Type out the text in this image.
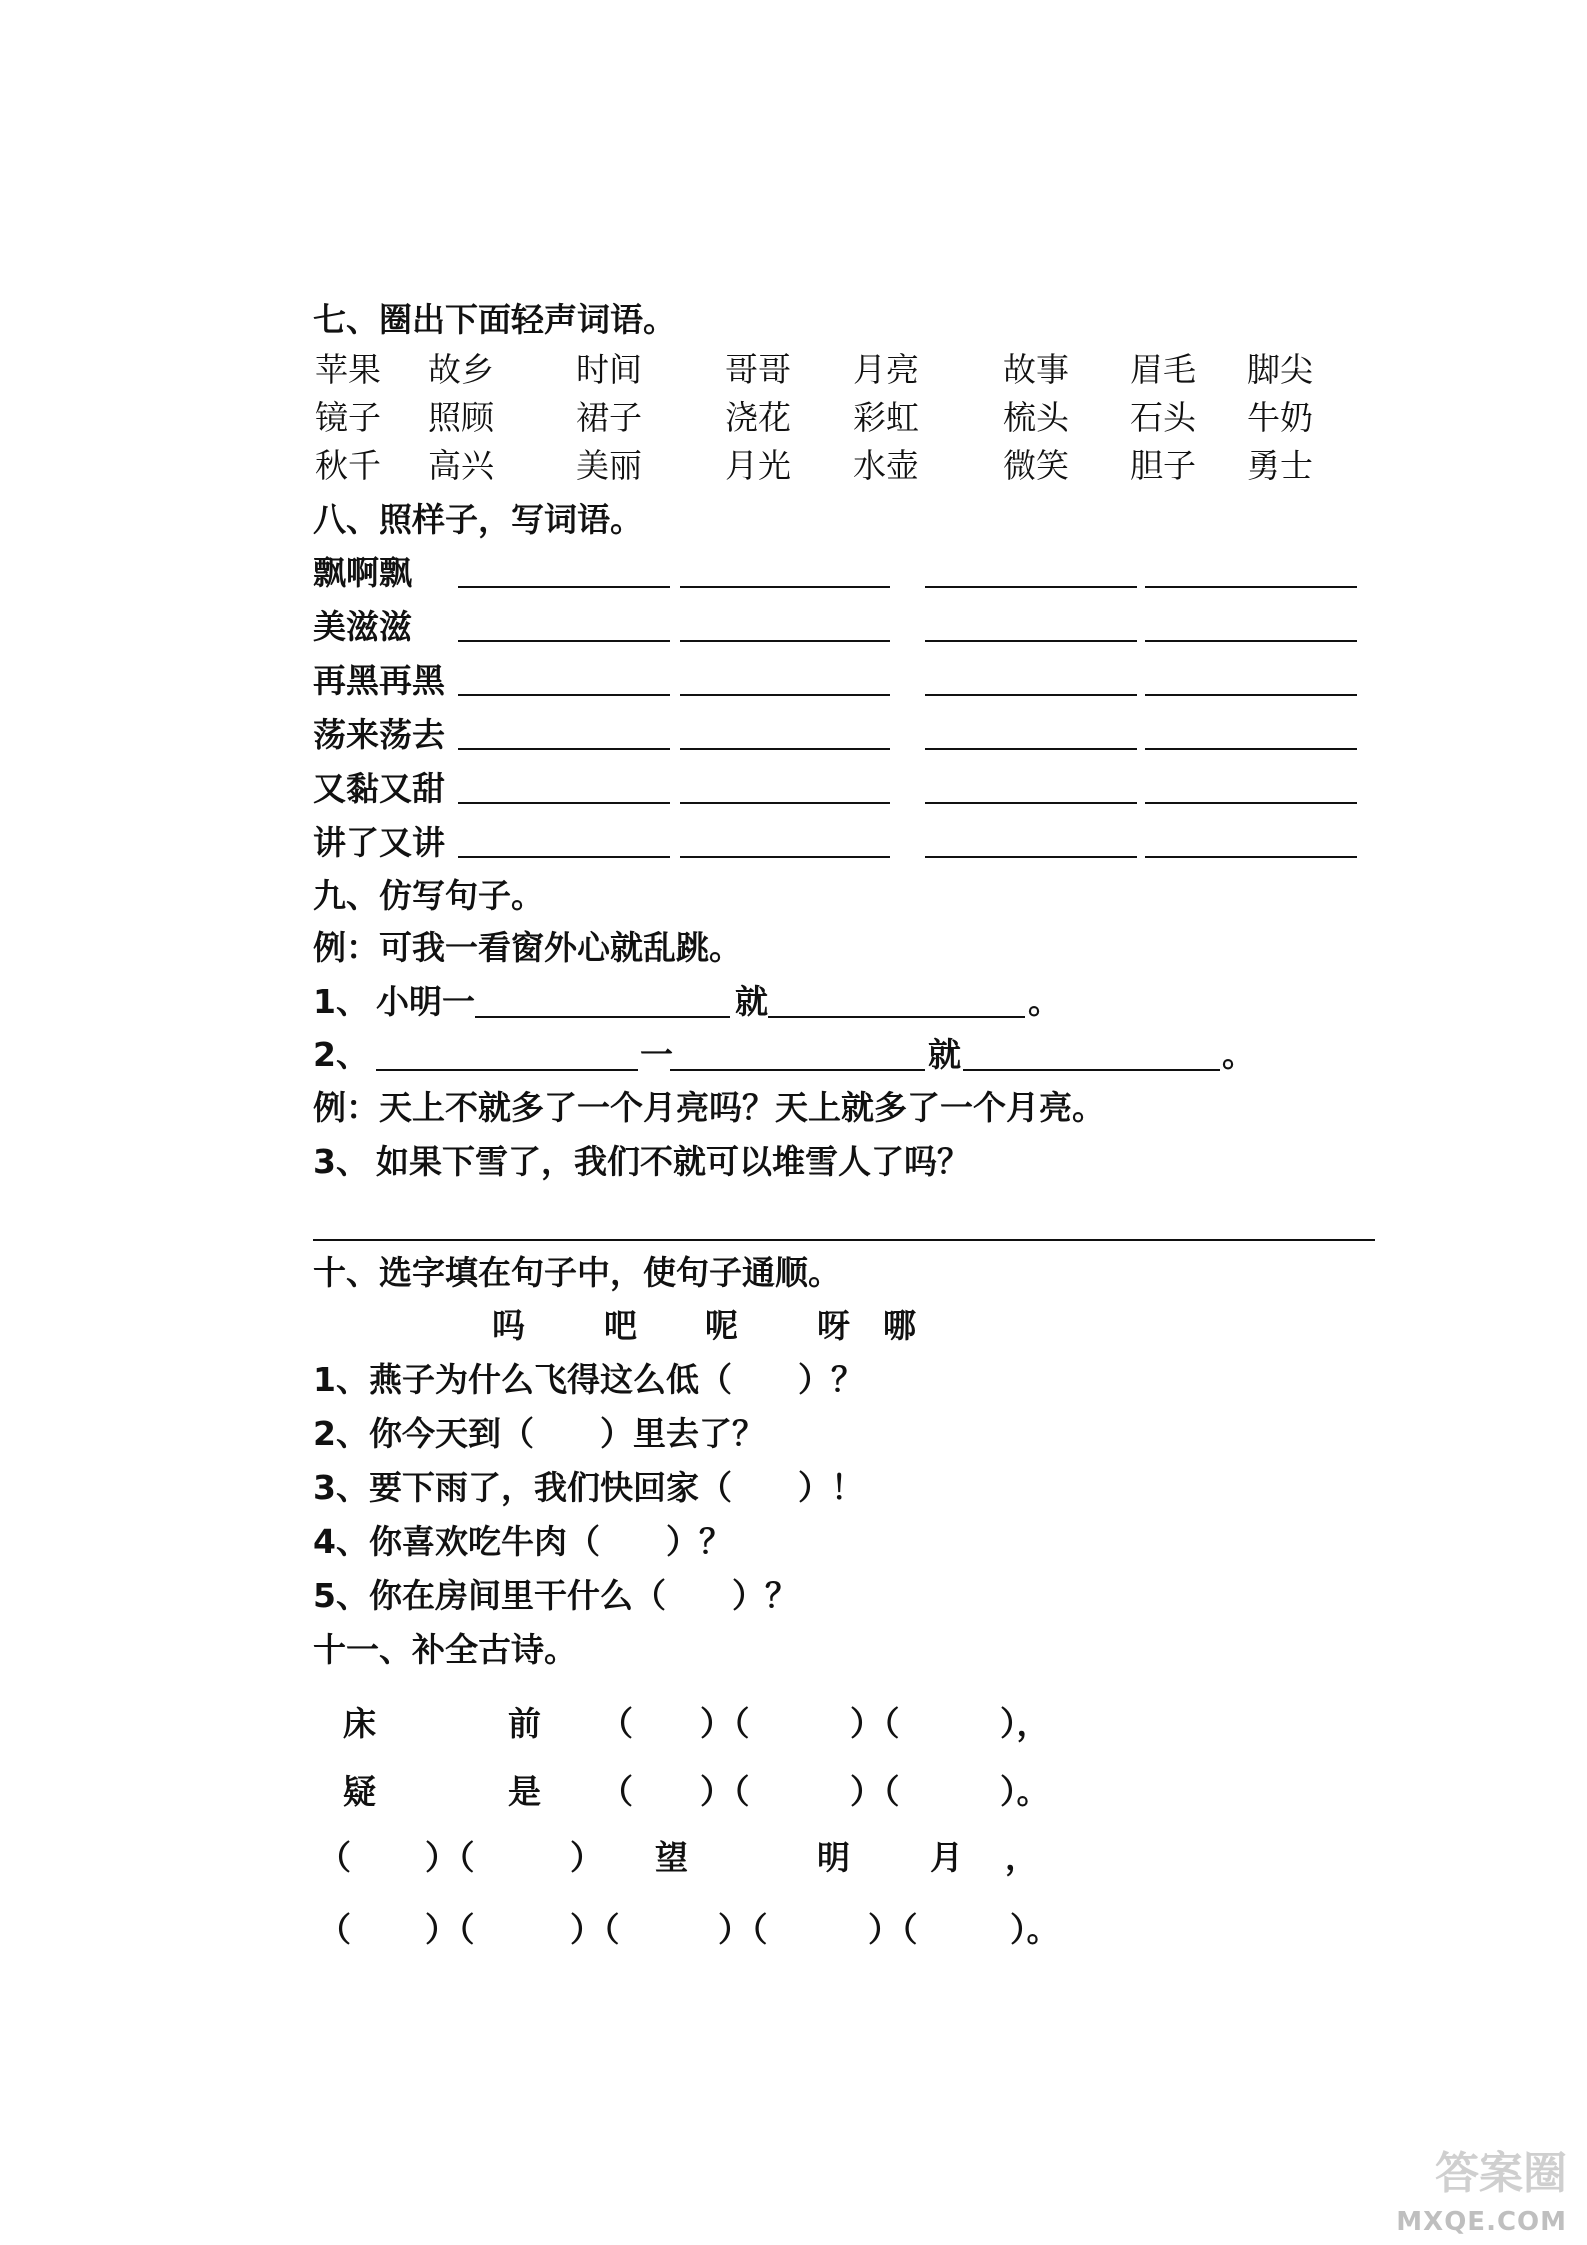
七、圈出下面轻声词语。
苹果 故乡 时间	哥哥 月亮	故事 眉毛 脚尖
镜子 照顾 裙子	浇花 彩虹	梳头 石头 牛奶
秋千 高兴 美丽	月光 水壶	微笑 胆子 勇士
八、照样子，写词语。
飘啊飘
美滋滋
再黑再黑
荡来荡去
又黏又甜
讲了又讲
九、仿写句子。
例：可我一看窗外心就乱跳。
1、 小明一	就	。
2、	一	就	。
例：天上不就多了一个月亮吗？天上就多了一个月亮。
3、 如果下雪了，我们不就可以堆雪人了吗？
十、选字填在句子中，使句子通顺。
吗 吧 呢 呀 哪
1、燕子为什么飞得这么低（　　）？
2、你今天到（　　）里去了？
3、要下雨了，我们快回家（　　）！
4、你喜欢吃牛肉（　　）？
5、你在房间里干什么（　　）？
十一、补全古诗。
床	前 （ ）（	）（	），
疑	是 （ ）（	）（	）。
（ ）（	） 望	明 月 ，
（ ）（	）（	）（	）（	）。
答案圈
MXQE.COM
